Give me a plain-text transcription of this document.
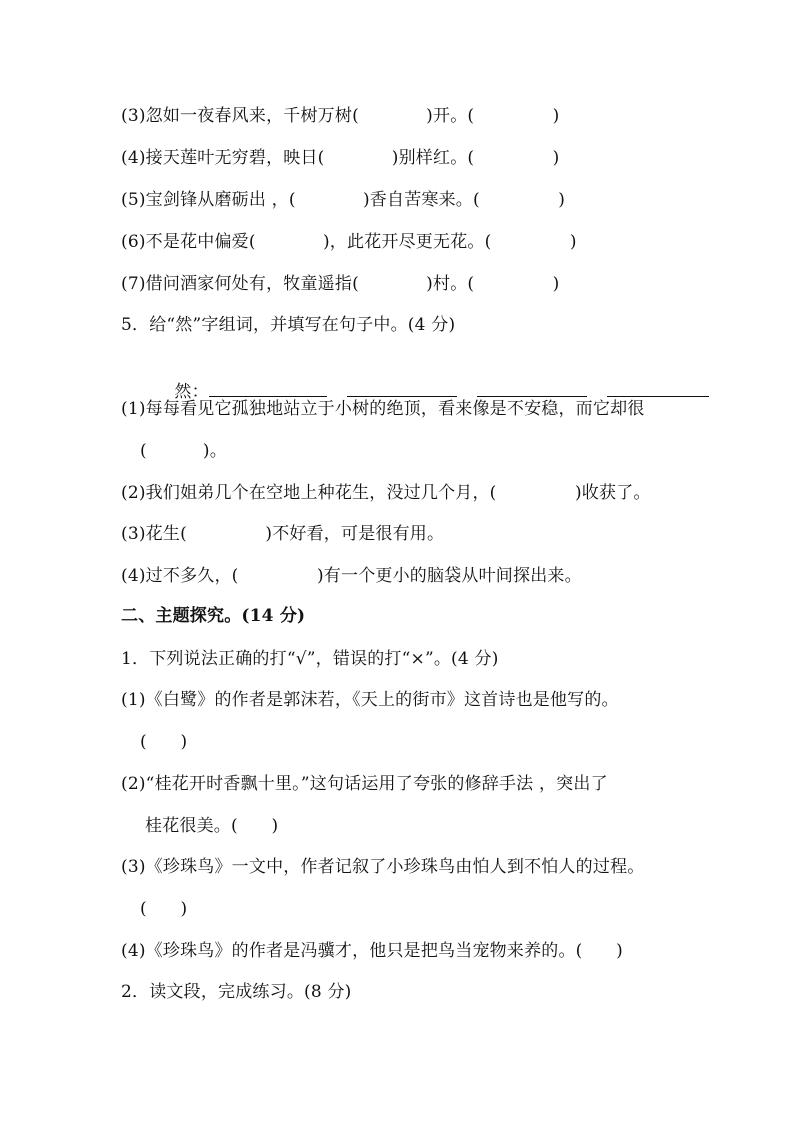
(3)忽如一夜春风来，千树万树(            )开。(              )
(4)接天莲叶无穷碧，映日(            )别样红。(              )
(5)宝剑锋从磨砺出 ，(            )香自苦寒来。(              )
(6)不是花中偏爱(            )，此花开尽更无花。(              )
(7)借问酒家何处有，牧童遥指(            )村。(              )
5．给“然”字组词，并填写在句子中。(4 分)

然：

(1)每每看见它孤独地站立于小树的绝顶，看来像是不安稳，而它却很
(          )。
(2)我们姐弟几个在空地上种花生，没过几个月，(              )收获了。
(3)花生(              )不好看，可是很有用。
(4)过不多久，(              )有一个更小的脑袋从叶间探出来。
二、主题探究。(14 分)
1．下列说法正确的打“√”，错误的打“×”。(4 分)
(1)《白鹭》的作者是郭沫若，《天上的街市》这首诗也是他写的。
(      )
(2)“桂花开时香飘十里。”这句话运用了夸张的修辞手法 ，突出了
桂花很美。(      )
(3)《珍珠鸟》一文中，作者记叙了小珍珠鸟由怕人到不怕人的过程。
(      )
(4)《珍珠鸟》的作者是冯骥才，他只是把鸟当宠物来养的。(      )
2．读文段，完成练习。(8 分)
